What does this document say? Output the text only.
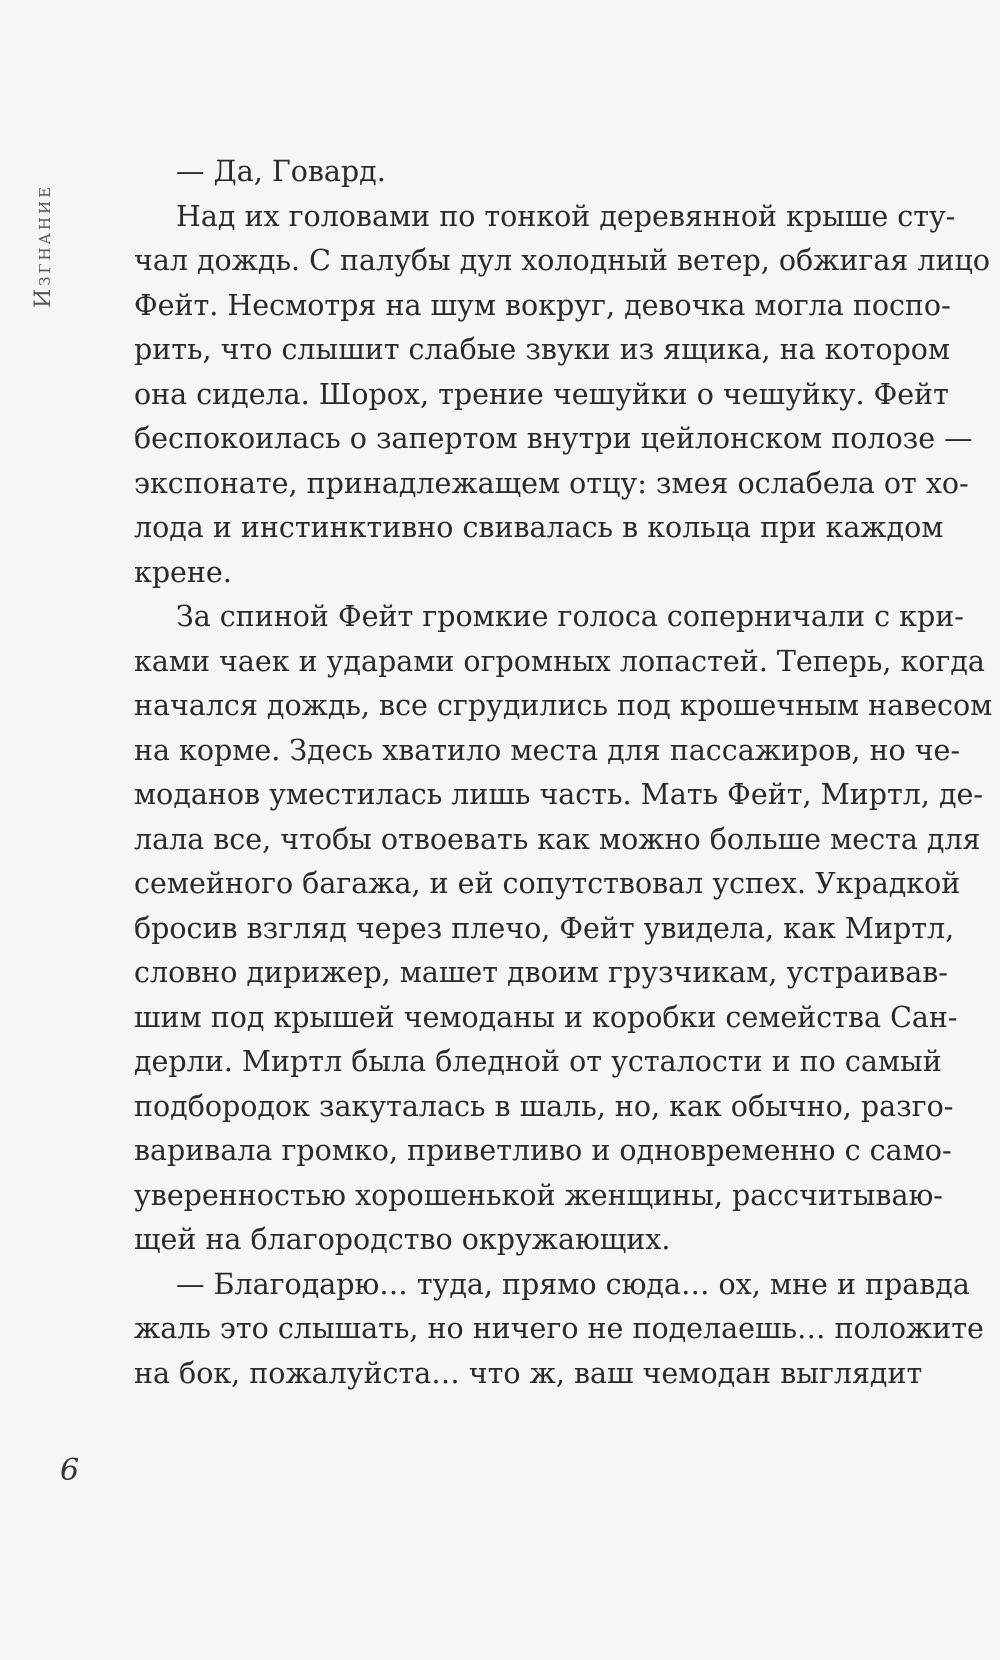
Изгнание
— Да, Говард.
Над их головами по тонкой деревянной крыше сту-
чал дождь. С палубы дул холодный ветер, обжигая лицо
Фейт. Несмотря на шум вокруг, девочка могла поспо-
рить, что слышит слабые звуки из ящика, на котором
она сидела. Шорох, трение чешуйки о чешуйку. Фейт
беспокоилась о запертом внутри цейлонском полозе —
экспонате, принадлежащем отцу: змея ослабела от хо-
лода и инстинктивно свивалась в кольца при каждом
крене.
За спиной Фейт громкие голоса соперничали с кри-
ками чаек и ударами огромных лопастей. Теперь, когда
начался дождь, все сгрудились под крошечным навесом
на корме. Здесь хватило места для пассажиров, но че-
моданов уместилась лишь часть. Мать Фейт, Миртл, де-
лала все, чтобы отвоевать как можно больше места для
семейного багажа, и ей сопутствовал успех. Украдкой
бросив взгляд через плечо, Фейт увидела, как Миртл,
словно дирижер, машет двоим грузчикам, устраивав-
шим под крышей чемоданы и коробки семейства Сан-
дерли. Миртл была бледной от усталости и по самый
подбородок закуталась в шаль, но, как обычно, разго-
варивала громко, приветливо и одновременно с само-
уверенностью хорошенькой женщины, рассчитываю-
щей на благородство окружающих.
— Благодарю… туда, прямо сюда… ох, мне и правда
жаль это слышать, но ничего не поделаешь… положите
на бок, пожалуйста… что ж, ваш чемодан выглядит
6
